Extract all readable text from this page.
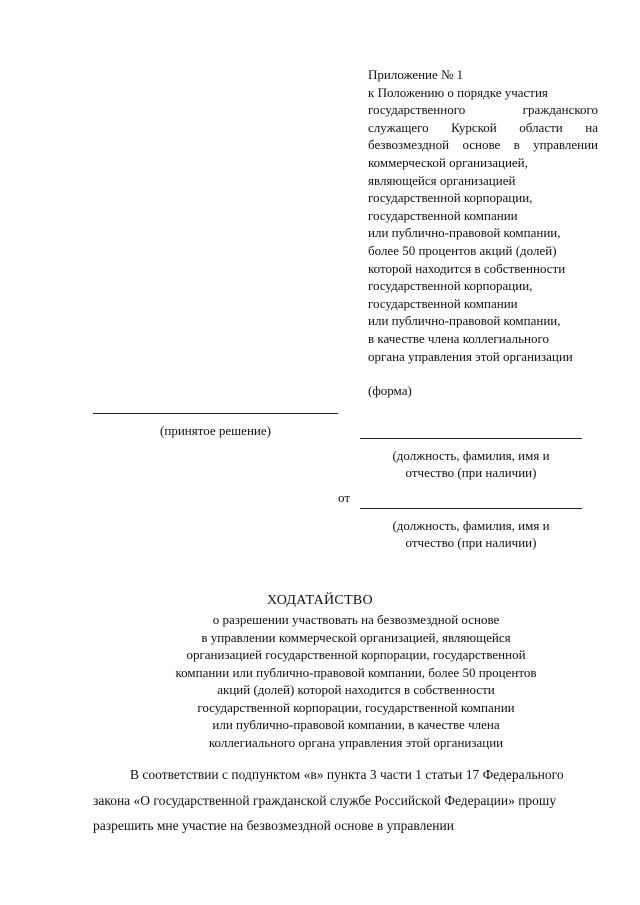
Приложение № 1
к Положению о порядке участия
государственного гражданского
служащего Курской области на
безвозмездной основе в управлении
коммерческой организацией,
являющейся организацией
государственной корпорации,
государственной компании
или публично-правовой компании,
более 50 процентов акций (долей)
которой находится в собственности
государственной корпорации,
государственной компании
или публично-правовой компании,
в качестве члена коллегиального
органа управления этой организации
(форма)
(принятое решение)
(должность, фамилия, имя и
отчество (при наличии)
от
(должность, фамилия, имя и
отчество (при наличии)
ХОДАТАЙСТВО
о разрешении участвовать на безвозмездной основе
в управлении коммерческой организацией, являющейся
организацией государственной корпорации, государственной
компании или публично-правовой компании, более 50 процентов
акций (долей) которой находится в собственности
государственной корпорации, государственной компании
или публично-правовой компании, в качестве члена
коллегиального органа управления этой организации
В соответствии с подпунктом «в» пункта 3 части 1 статьи 17 Федерального
закона «О государственной гражданской службе Российской Федерации» прошу
разрешить мне участие на безвозмездной основе в управлении
